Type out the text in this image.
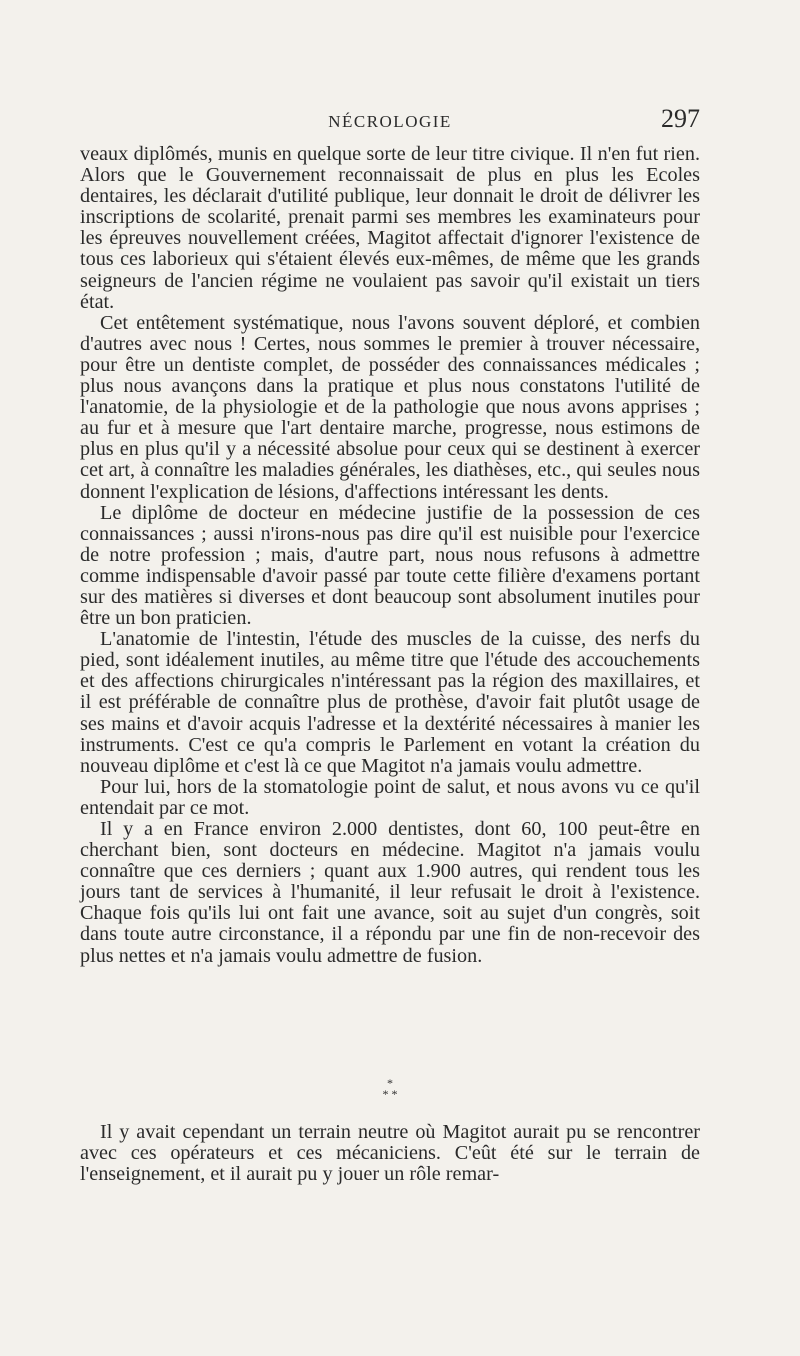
NÉCROLOGIE	297

veaux diplômés, munis en quelque sorte de leur titre civique. Il n'en fut rien. Alors que le Gouvernement reconnaissait de plus en plus les Ecoles dentaires, les déclarait d'utilité publique, leur donnait le droit de délivrer les inscriptions de scolarité, prenait parmi ses membres les examinateurs pour les épreuves nouvellement créées, Magitot affectait d'ignorer l'existence de tous ces laborieux qui s'étaient élevés eux-mêmes, de même que les grands seigneurs de l'ancien régime ne voulaient pas savoir qu'il existait un tiers état.

Cet entêtement systématique, nous l'avons souvent déploré, et combien d'autres avec nous ! Certes, nous sommes le premier à trouver nécessaire, pour être un dentiste complet, de posséder des connaissances médicales ; plus nous avançons dans la pratique et plus nous constatons l'utilité de l'anatomie, de la physiologie et de la pathologie que nous avons apprises ; au fur et à mesure que l'art dentaire marche, progresse, nous estimons de plus en plus qu'il y a nécessité absolue pour ceux qui se destinent à exercer cet art, à connaître les maladies générales, les diathèses, etc., qui seules nous donnent l'explication de lésions, d'affections intéressant les dents.

Le diplôme de docteur en médecine justifie de la possession de ces connaissances ; aussi n'irons-nous pas dire qu'il est nuisible pour l'exercice de notre profession ; mais, d'autre part, nous nous refusons à admettre comme indispensable d'avoir passé par toute cette filière d'examens portant sur des matières si diverses et dont beaucoup sont absolument inutiles pour être un bon praticien.

L'anatomie de l'intestin, l'étude des muscles de la cuisse, des nerfs du pied, sont idéalement inutiles, au même titre que l'étude des accouchements et des affections chirurgicales n'intéressant pas la région des maxillaires, et il est préférable de connaître plus de prothèse, d'avoir fait plutôt usage de ses mains et d'avoir acquis l'adresse et la dextérité nécessaires à manier les instruments. C'est ce qu'a compris le Parlement en votant la création du nouveau diplôme et c'est là ce que Magitot n'a jamais voulu admettre.

Pour lui, hors de la stomatologie point de salut, et nous avons vu ce qu'il entendait par ce mot.

Il y a en France environ 2.000 dentistes, dont 60, 100 peut-être en cherchant bien, sont docteurs en médecine. Magitot n'a jamais voulu connaître que ces derniers ; quant aux 1.900 autres, qui rendent tous les jours tant de services à l'humanité, il leur refusait le droit à l'existence. Chaque fois qu'ils lui ont fait une avance, soit au sujet d'un congrès, soit dans toute autre circonstance, il a répondu par une fin de non-recevoir des plus nettes et n'a jamais voulu admettre de fusion.

*
* *

Il y avait cependant un terrain neutre où Magitot aurait pu se rencontrer avec ces opérateurs et ces mécaniciens. C'eût été sur le terrain de l'enseignement, et il aurait pu y jouer un rôle remar-
